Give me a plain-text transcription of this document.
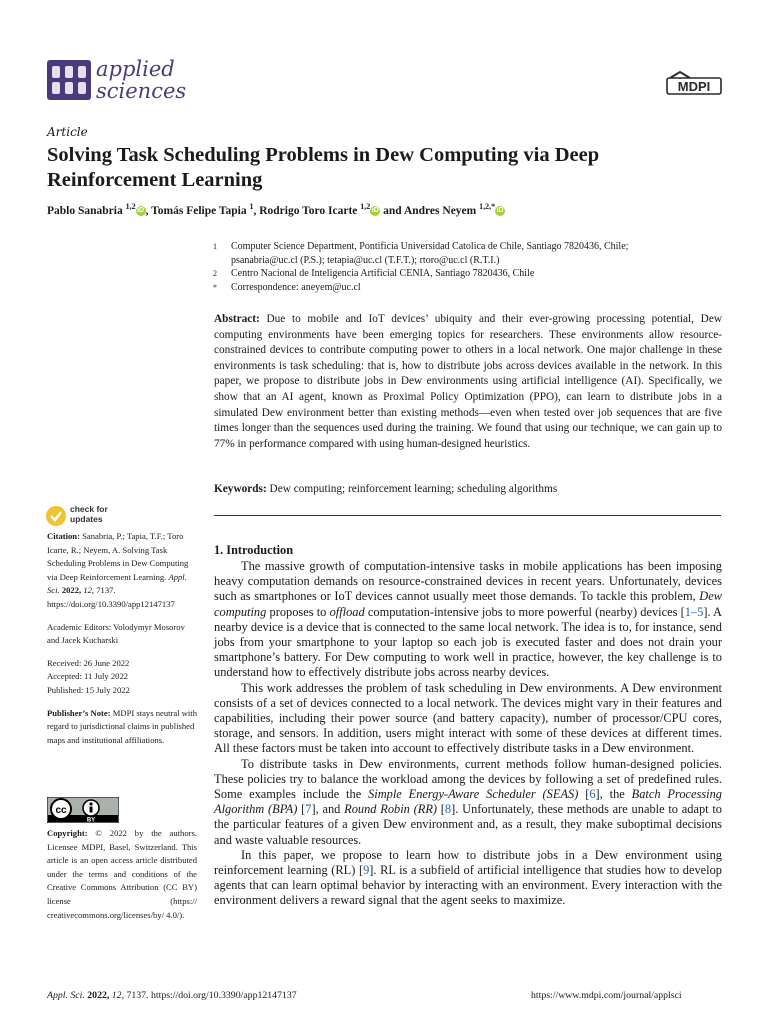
applied
sciences	MDPI
Article
Solving Task Scheduling Problems in Dew Computing via Deep Reinforcement Learning
Pablo Sanabria $^{1,2}$ iD , Tomás Felipe Tapia $^1$, Rodrigo Toro Icarte $^{1,2}$ iD and Andres Neyem $^{1,2,*}$ iD
1 Computer Science Department, Pontificia Universidad Catolica de Chile, Santiago 7820436, Chile;
psanabria@uc.cl (P.S.); tetapia@uc.cl (T.F.T.); rtoro@uc.cl (R.T.I.)
2 Centro Nacional de Inteligencia Artificial CENIA, Santiago 7820436, Chile
* Correspondence: aneyem@uc.cl
Abstract: Due to mobile and IoT devices’ ubiquity and their ever-growing processing potential, Dew computing environments have been emerging topics for researchers. These environments allow resource-constrained devices to contribute computing power to others in a local network. One major challenge in these environments is task scheduling: that is, how to distribute jobs across devices available in the network. In this paper, we propose to distribute jobs in Dew environments using artificial intelligence (AI). Specifically, we show that an AI agent, known as Proximal Policy Optimization (PPO), can learn to distribute jobs in a simulated Dew environment better than existing methods—even when tested over job sequences that are five times longer than the sequences used during the training. We found that using our technique, we can gain up to 77% in performance compared with using human-designed heuristics.
Keywords: Dew computing; reinforcement learning; scheduling algorithms
check for
updates

Citation: Sanabria, P.; Tapia, T.F.; Toro Icarte, R.; Neyem, A. Solving Task Scheduling Problems in Dew Computing via Deep Reinforcement Learning. Appl. Sci. 2022, 12, 7137. https://doi.org/10.3390/app12147137

Academic Editors: Volodymyr Mosorov and Jacek Kucharski

Received: 26 June 2022
Accepted: 11 July 2022
Published: 15 July 2022

Publisher’s Note: MDPI stays neutral with regard to jurisdictional claims in published maps and institutional affiliations.

cc
BY
Copyright: © 2022 by the authors. Licensee MDPI, Basel, Switzerland. This article is an open access article distributed under the terms and conditions of the Creative Commons Attribution (CC BY) license (https:// creativecommons.org/licenses/by/ 4.0/).
1. Introduction

The massive growth of computation-intensive tasks in mobile applications has been imposing heavy computation demands on resource-constrained devices in recent years. Unfortunately, devices such as smartphones or IoT devices cannot usually meet those demands. To tackle this problem, Dew computing proposes to offload computation-intensive jobs to more powerful (nearby) devices [1–5]. A nearby device is a device that is connected to the same local network. The idea is to, for instance, send jobs from your smartphone to your laptop so each job is executed faster and does not drain your smartphone’s battery. For Dew computing to work well in practice, however, the key challenge is to understand how to effectively distribute jobs across nearby devices.

This work addresses the problem of task scheduling in Dew environments. A Dew environment consists of a set of devices connected to a local network. The devices might vary in their features and capabilities, including their power source (and battery capacity), number of processor/CPU cores, storage, and sensors. In addition, users might interact with some of these devices at different times. All these factors must be taken into account to effectively distribute tasks in a Dew environment.

To distribute tasks in Dew environments, current methods follow human-designed policies. These policies try to balance the workload among the devices by following a set of predefined rules. Some examples include the Simple Energy-Aware Scheduler (SEAS) [6], the Batch Processing Algorithm (BPA) [7], and Round Robin (RR) [8]. Unfortunately, these methods are unable to adapt to the particular features of a given Dew environment and, as a result, they make suboptimal decisions and waste valuable resources.

In this paper, we propose to learn how to distribute jobs in a Dew environment using reinforcement learning (RL) [9]. RL is a subfield of artificial intelligence that studies how to develop agents that can learn optimal behavior by interacting with an environment. Every interaction with the environment delivers a reward signal that the agent seeks to maximize.

Appl. Sci. 2022, 12, 7137. https://doi.org/10.3390/app12147137	https://www.mdpi.com/journal/applsci
